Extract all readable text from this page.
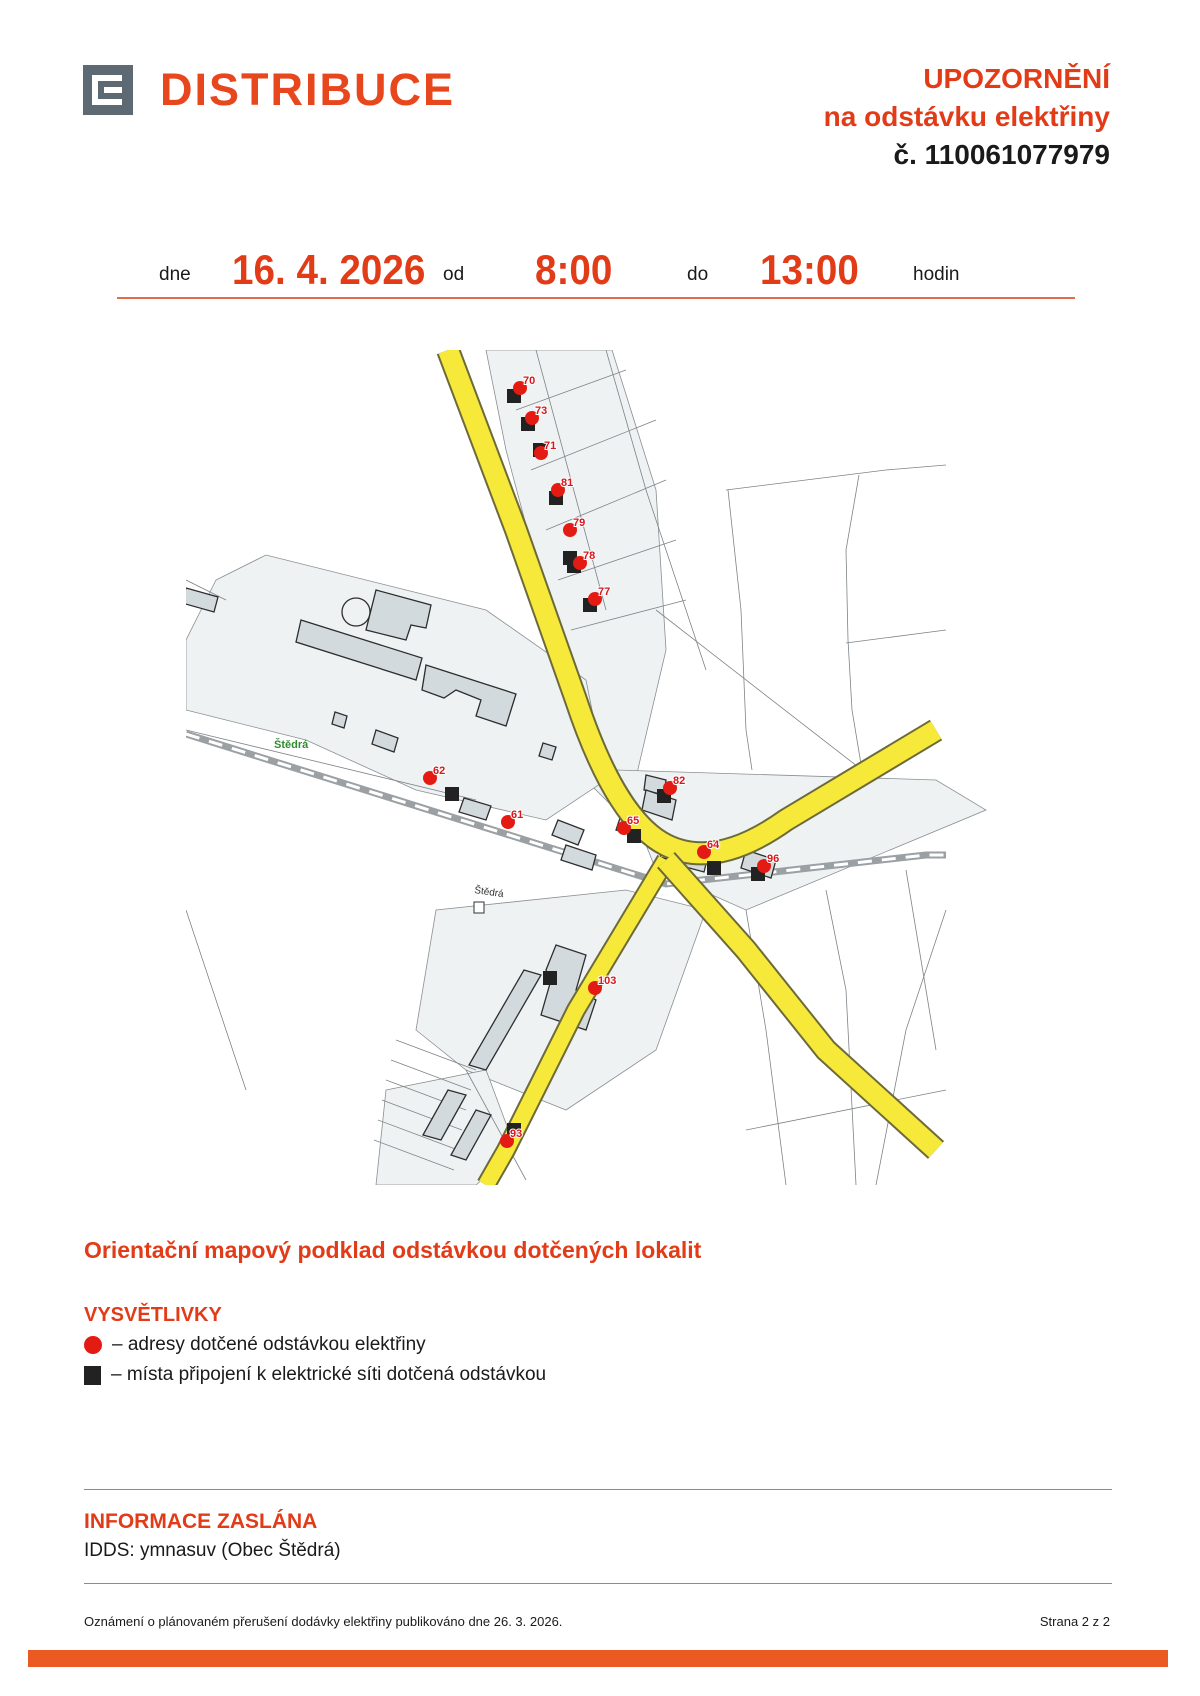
DISTRIBUCE	UPOZORNĚNÍ
na odstávku elektřiny
č. 110061077979
dne 16. 4. 2026 od 8:00	do 13:00	hodin
Štědrá
Štědrá
70
73
71
81
79
78
77
62
61	65
82
64
96
103
93
Orientační mapový podklad odstávkou dotčených lokalit
VYSVĚTLIVKY
– adresy dotčené odstávkou elektřiny
– místa připojení k elektrické síti dotčená odstávkou
INFORMACE ZASLÁNA
IDDS: ymnasuv (Obec Štědrá)
Oznámení o plánovaném přerušení dodávky elektřiny publikováno dne 26. 3. 2026.	Strana 2 z 2
